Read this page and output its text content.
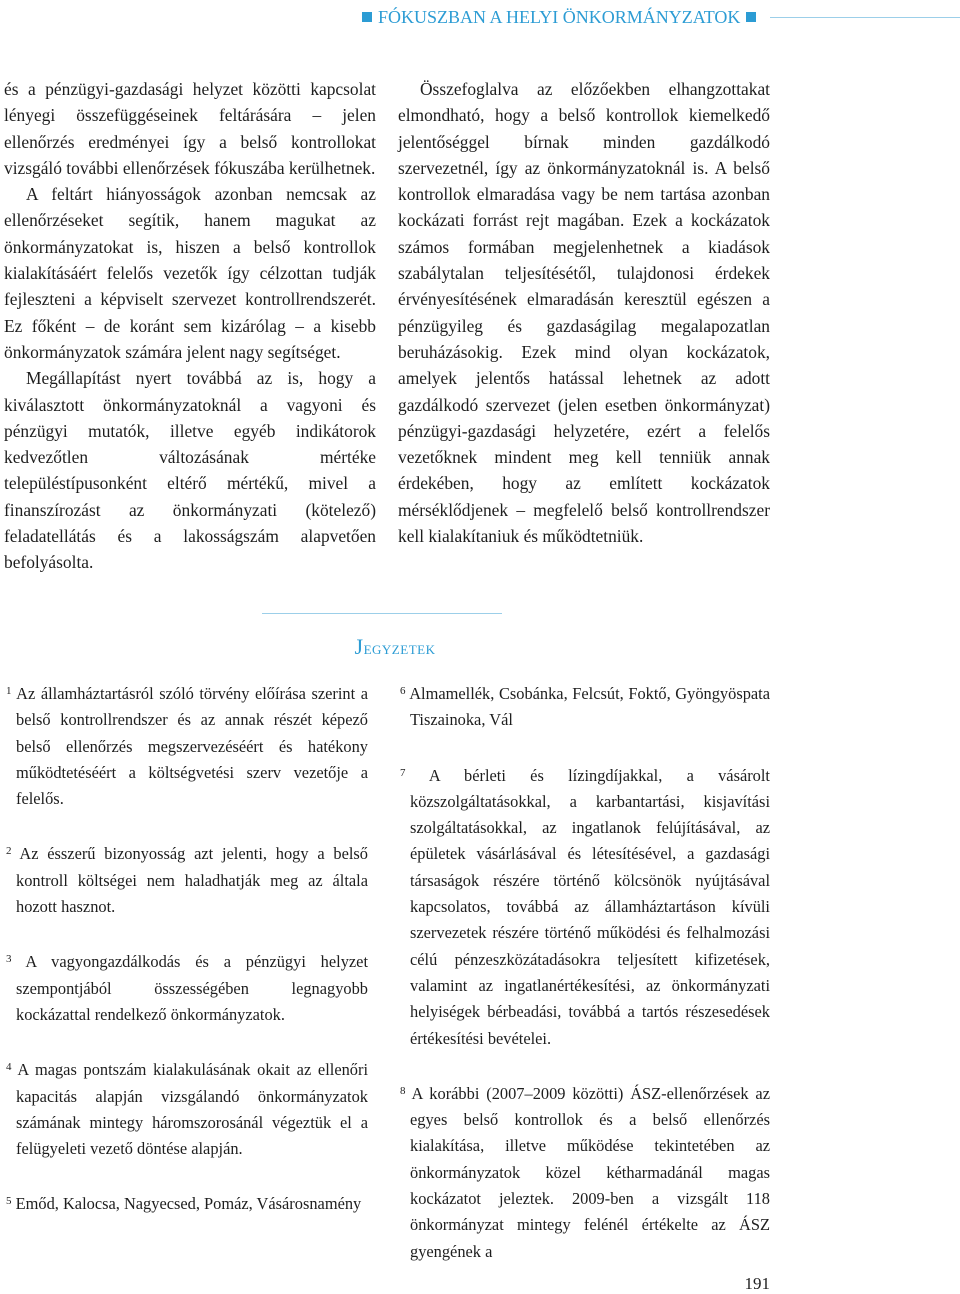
FÓKUSZBAN A HELYI ÖNKORMÁNYZATOK

és a pénzügyi-gazdasági helyzet közötti kapcsolat lényegi összefüggéseinek feltárására – jelen ellenőrzés eredményei így a belső kontrollokat vizsgáló további ellenőrzések fókuszába kerülhetnek.

A feltárt hiányosságok azonban nemcsak az ellenőrzéseket segítik, hanem magukat az önkormányzatokat is, hiszen a belső kontrollok kialakításáért felelős vezetők így célzottan tudják fejleszteni a képviselt szervezet kontrollrendszerét. Ez főként – de koránt sem kizárólag – a kisebb önkormányzatok számára jelent nagy segítséget.

Megállapítást nyert továbbá az is, hogy a kiválasztott önkormányzatoknál a vagyoni és pénzügyi mutatók, illetve egyéb indikátorok kedvezőtlen változásának mértéke településtípusonként eltérő mértékű, mivel a finanszírozást az önkormányzati (kötelező) feladatellátás és a lakosságszám alapvetően befolyásolta.

Összefoglalva az előzőekben elhangzottakat elmondható, hogy a belső kontrollok kiemelkedő jelentőséggel bírnak minden gazdálkodó szervezetnél, így az önkormányzatoknál is. A belső kontrollok elmaradása vagy be nem tartása azonban kockázati forrást rejt magában. Ezek a kockázatok számos formában megjelenhetnek a kiadások szabálytalan teljesítésétől, tulajdonosi érdekek érvényesítésének elmaradásán keresztül egészen a pénzügyileg és gazdaságilag megalapozatlan beruházásokig. Ezek mind olyan kockázatok, amelyek jelentős hatással lehetnek az adott gazdálkodó szervezet (jelen esetben önkormányzat) pénzügyi-gazdasági helyzetére, ezért a felelős vezetőknek mindent meg kell tenniük annak érdekében, hogy az említett kockázatok mérséklődjenek – megfelelő belső kontrollrendszer kell kialakítaniuk és működtetniük.

Jegyzetek

$^1$ Az államháztartásról szóló törvény előírása szerint a belső kontrollrendszer és az annak részét képező belső ellenőrzés megszervezéséért és hatékony működtetéséért a költségvetési szerv vezetője a felelős.

$^2$ Az ésszerű bizonyosság azt jelenti, hogy a belső kontroll költségei nem haladhatják meg az általa hozott hasznot.

$^3$ A vagyongazdálkodás és a pénzügyi helyzet szempontjából összességében legnagyobb kockázattal rendelkező önkormányzatok.

$^4$ A magas pontszám kialakulásának okait az ellenőri kapacitás alapján vizsgálandó önkormányzatok számának mintegy háromszorosánál végeztük el a felügyeleti vezető döntése alapján.

$^5$ Emőd, Kalocsa, Nagyecsed, Pomáz, Vásárosnamény

$^6$ Almamellék, Csobánka, Felcsút, Foktő, Gyöngyöspata Tiszainoka, Vál

$^7$ A bérleti és lízingdíjakkal, a vásárolt közszolgáltatásokkal, a karbantartási, kisjavítási szolgáltatásokkal, az ingatlanok felújításával, az épületek vásárlásával és létesítésével, a gazdasági társaságok részére történő kölcsönök nyújtásával kapcsolatos, továbbá az államháztartáson kívüli szervezetek részére történő működési és felhalmozási célú pénzeszközátadásokra teljesített kifizetések, valamint az ingatlanértékesítési, az önkormányzati helyiségek bérbeadási, továbbá a tartós részesedések értékesítési bevételei.

$^8$ A korábbi (2007–2009 közötti) ÁSZ-ellenőrzések az egyes belső kontrollok és a belső ellenőrzés kialakítása, illetve működése tekintetében az önkormányzatok közel kétharmadánál magas kockázatot jeleztek. 2009-ben a vizsgált 118 önkormányzat mintegy felénél értékelte az ÁSZ gyengének a

191
